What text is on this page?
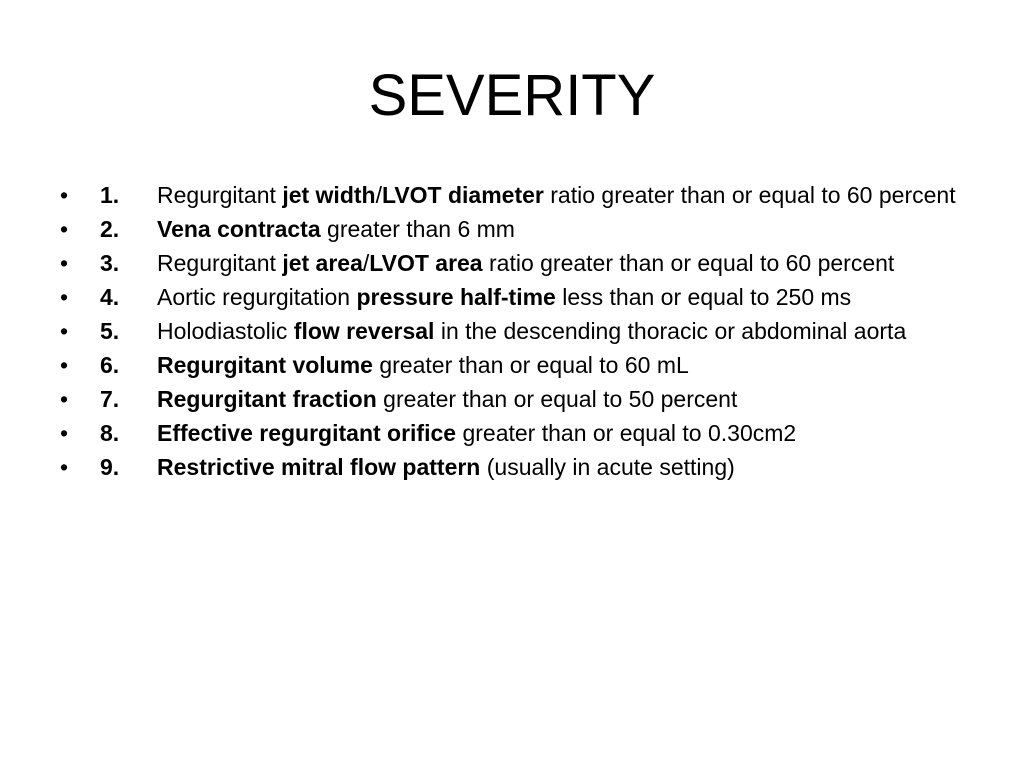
SEVERITY
• 1. Regurgitant jet width/LVOT diameter ratio greater than or equal to 60 percent
• 2. Vena contracta greater than 6 mm
• 3. Regurgitant jet area/LVOT area ratio greater than or equal to 60 percent
• 4. Aortic regurgitation pressure half-time less than or equal to 250 ms
• 5. Holodiastolic flow reversal in the descending thoracic or abdominal aorta
• 6. Regurgitant volume greater than or equal to 60 mL
• 7. Regurgitant fraction greater than or equal to 50 percent
• 8. Effective regurgitant orifice greater than or equal to 0.30cm2
• 9. Restrictive mitral flow pattern (usually in acute setting)
